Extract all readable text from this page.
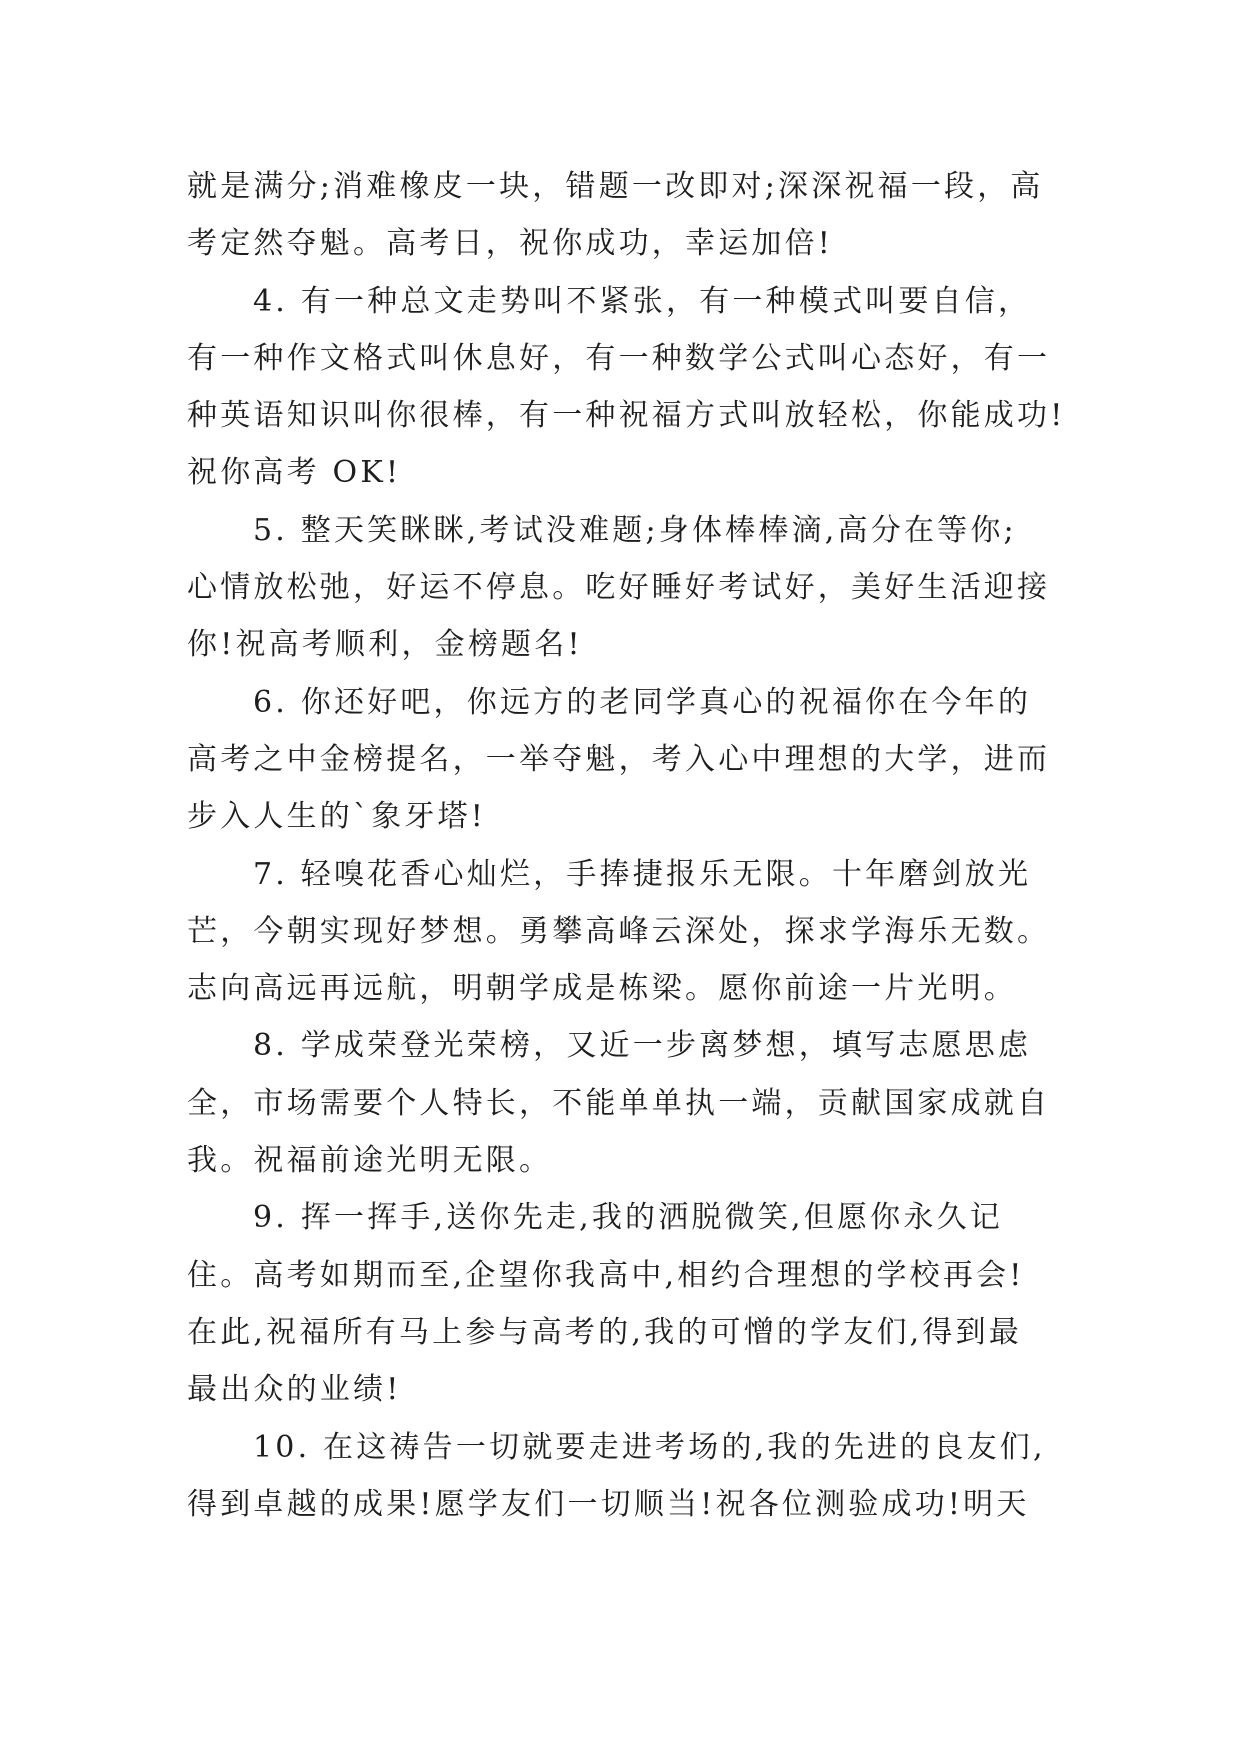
就是满分;消难橡皮一块，错题一改即对;深深祝福一段，高
考定然夺魁。高考日，祝你成功，幸运加倍!
4. 有一种总文走势叫不紧张，有一种模式叫要自信，
有一种作文格式叫休息好，有一种数学公式叫心态好，有一
种英语知识叫你很棒，有一种祝福方式叫放轻松，你能成功!
祝你高考 OK!
5. 整天笑眯眯,考试没难题;身体棒棒滴,高分在等你;
心情放松弛，好运不停息。吃好睡好考试好，美好生活迎接
你!祝高考顺利，金榜题名!
6. 你还好吧，你远方的老同学真心的祝福你在今年的
高考之中金榜提名，一举夺魁，考入心中理想的大学，进而
步入人生的`象牙塔!
7. 轻嗅花香心灿烂，手捧捷报乐无限。十年磨剑放光
芒，今朝实现好梦想。勇攀高峰云深处，探求学海乐无数。
志向高远再远航，明朝学成是栋梁。愿你前途一片光明。
8. 学成荣登光荣榜，又近一步离梦想，填写志愿思虑
全，市场需要个人特长，不能单单执一端，贡献国家成就自
我。祝福前途光明无限。
9. 挥一挥手,送你先走,我的洒脱微笑,但愿你永久记
住。高考如期而至,企望你我高中,相约合理想的学校再会!
在此,祝福所有马上参与高考的,我的可憎的学友们,得到最
最出众的业绩!
10. 在这祷告一切就要走进考场的,我的先进的良友们,
得到卓越的成果!愿学友们一切顺当!祝各位测验成功!明天
